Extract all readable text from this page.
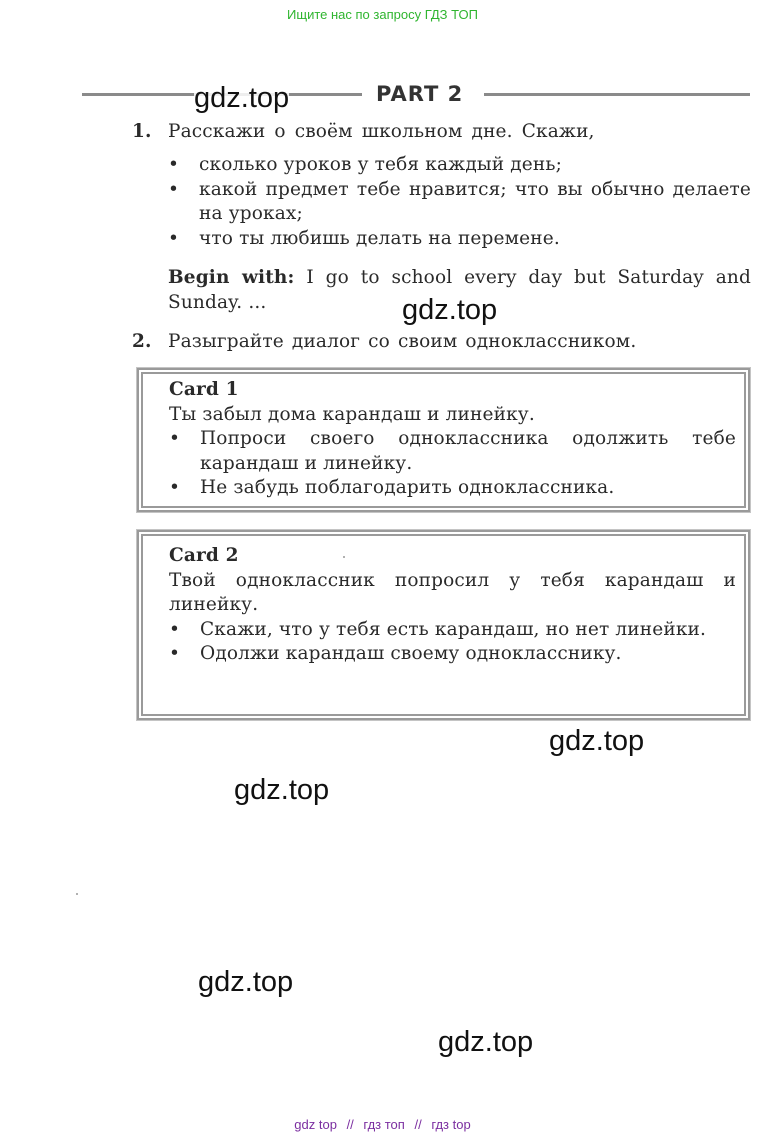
Ищите нас по запросу ГДЗ ТОП
PART 2
1. Расскажи о своём школьном дне. Скажи,
• сколько уроков у тебя каждый день;
• какой предмет тебе нравится; что вы обычно делаете на уроках;
• что ты любишь делать на перемене.
Begin with: I go to school every day but Saturday and Sunday. ...
2. Разыграйте диалог со своим одноклассником.
Card 1
Ты забыл дома карандаш и линейку.
• Попроси своего одноклассника одолжить тебе карандаш и линейку.
• Не забудь поблагодарить одноклассника.
Card 2
Твой одноклассник попросил у тебя карандаш и линейку.
• Скажи, что у тебя есть карандаш, но нет линейки.
• Одолжи карандаш своему однокласснику.
gdz.top
gdz.top
gdz.top
gdz.top
gdz.top
gdz.top
gdz top // гдз топ // гдз top
